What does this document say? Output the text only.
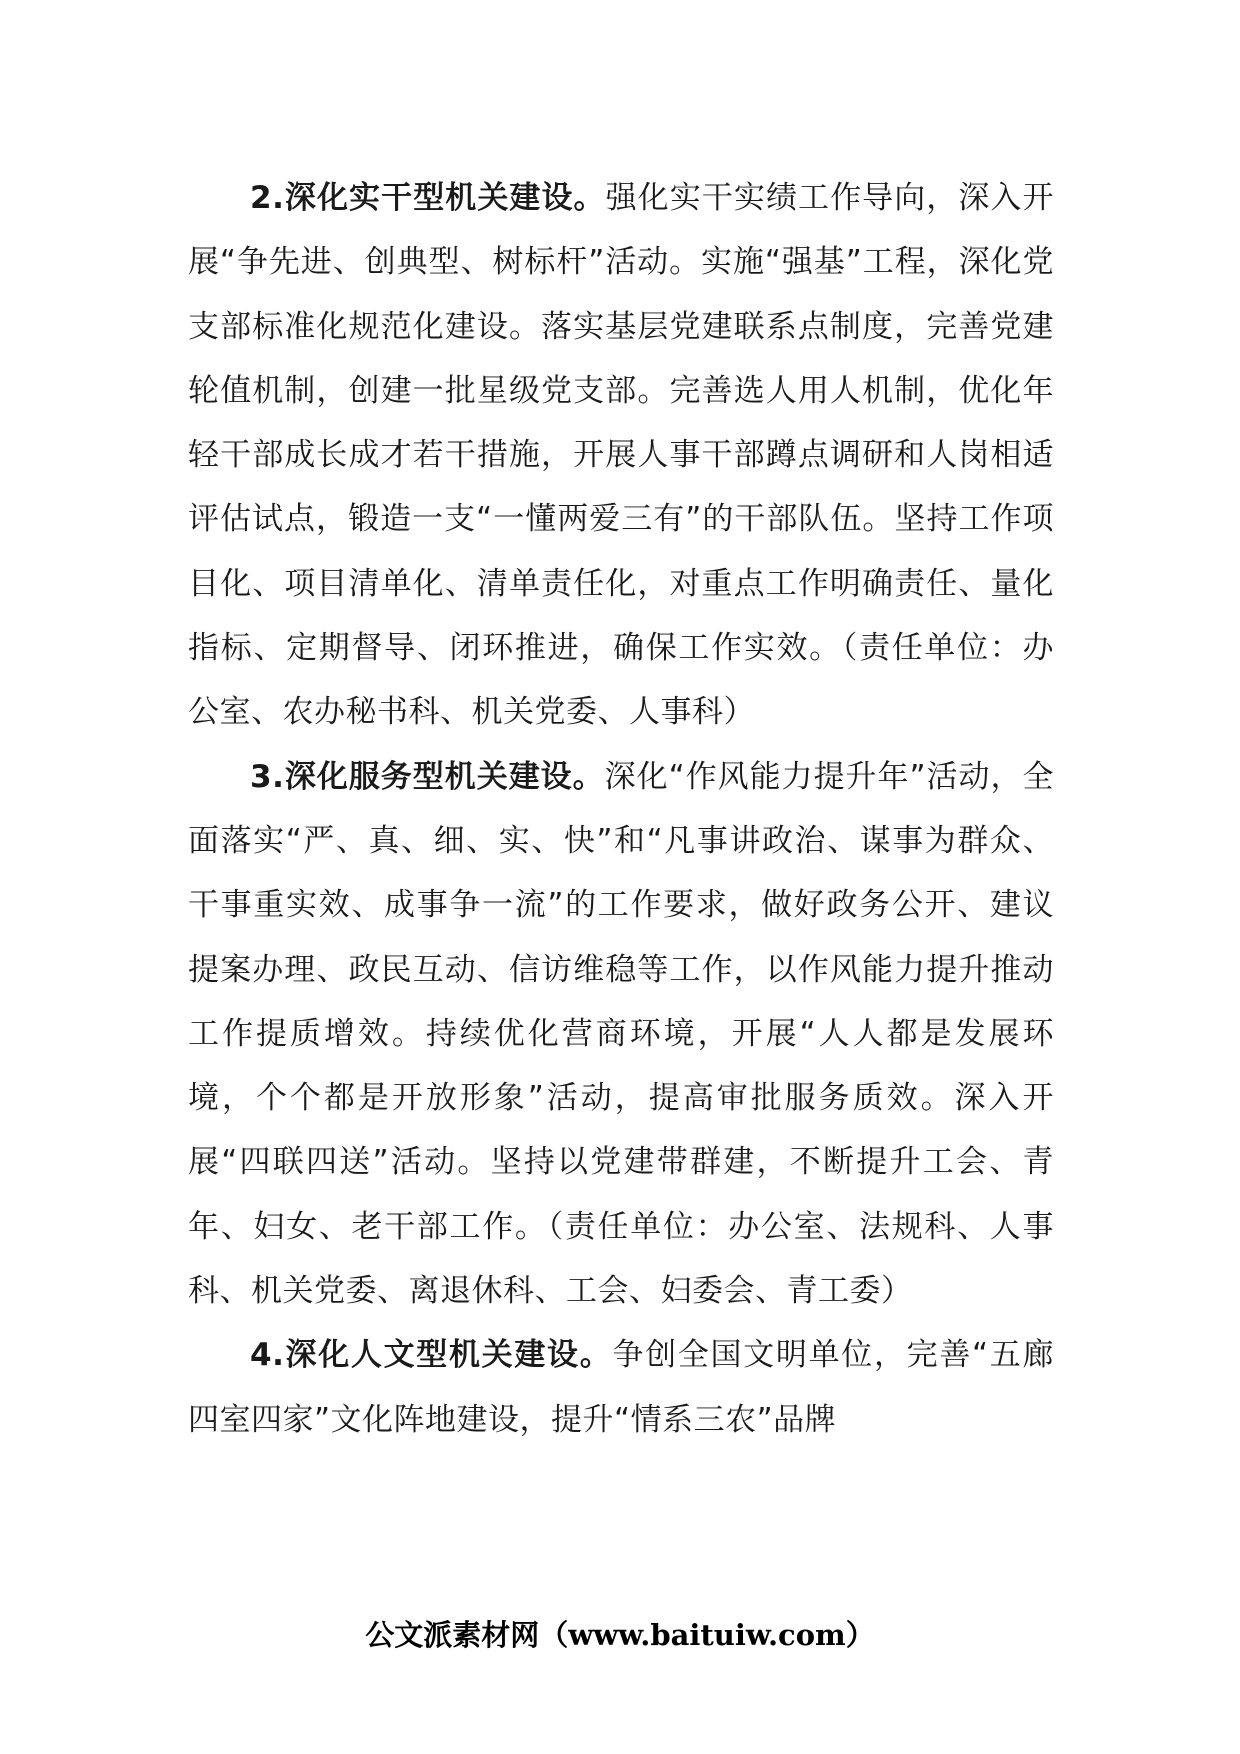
2.深化实干型机关建设。强化实干实绩工作导向，深入开展“争先进、创典型、树标杆”活动。实施“强基”工程，深化党支部标准化规范化建设。落实基层党建联系点制度，完善党建轮值机制，创建一批星级党支部。完善选人用人机制，优化年轻干部成长成才若干措施，开展人事干部蹲点调研和人岗相适评估试点，锻造一支“一懂两爱三有”的干部队伍。坚持工作项目化、项目清单化、清单责任化，对重点工作明确责任、量化指标、定期督导、闭环推进，确保工作实效。（责任单位：办公室、农办秘书科、机关党委、人事科）

3.深化服务型机关建设。深化“作风能力提升年”活动，全面落实“严、真、细、实、快”和“凡事讲政治、谋事为群众、干事重实效、成事争一流”的工作要求，做好政务公开、建议提案办理、政民互动、信访维稳等工作，以作风能力提升推动工作提质增效。持续优化营商环境，开展“人人都是发展环境，个个都是开放形象”活动，提高审批服务质效。深入开展“四联四送”活动。坚持以党建带群建，不断提升工会、青年、妇女、老干部工作。（责任单位：办公室、法规科、人事科、机关党委、离退休科、工会、妇委会、青工委）

4.深化人文型机关建设。争创全国文明单位，完善“五廊四室四家”文化阵地建设，提升“情系三农”品牌

公文派素材网（www.baituiw.com）
